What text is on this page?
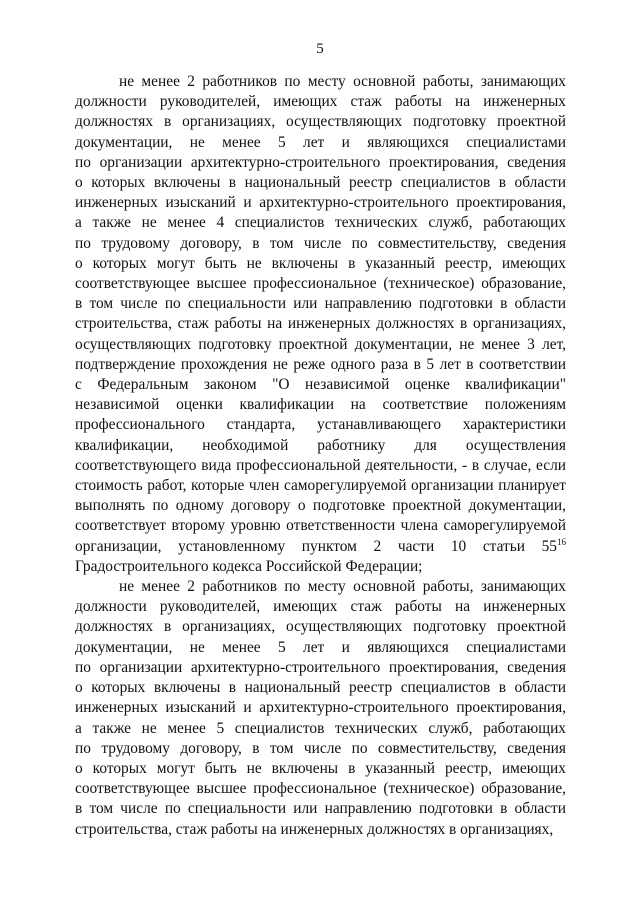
5

не менее 2 работников по месту основной работы, занимающих
должности руководителей, имеющих стаж работы на инженерных
должностях в организациях, осуществляющих подготовку проектной
документации, не менее 5 лет и являющихся специалистами
по организации архитектурно-строительного проектирования, сведения
о которых включены в национальный реестр специалистов в области
инженерных изысканий и архитектурно-строительного проектирования,
а также не менее 4 специалистов технических служб, работающих
по трудовому договору, в том числе по совместительству, сведения
о которых могут быть не включены в указанный реестр, имеющих
соответствующее высшее профессиональное (техническое) образование,
в том числе по специальности или направлению подготовки в области
строительства, стаж работы на инженерных должностях в организациях,
осуществляющих подготовку проектной документации, не менее 3 лет,
подтверждение прохождения не реже одного раза в 5 лет в соответствии
с Федеральным законом "О независимой оценке квалификации"
независимой оценки квалификации на соответствие положениям
профессионального стандарта, устанавливающего характеристики
квалификации, необходимой работнику для осуществления
соответствующего вида профессиональной деятельности, - в случае, если
стоимость работ, которые член саморегулируемой организации планирует
выполнять по одному договору о подготовке проектной документации,
соответствует второму уровню ответственности члена саморегулируемой
организации, установленному пунктом 2 части 10 статьи $55^{16}$
Градостроительного кодекса Российской Федерации;

не менее 2 работников по месту основной работы, занимающих
должности руководителей, имеющих стаж работы на инженерных
должностях в организациях, осуществляющих подготовку проектной
документации, не менее 5 лет и являющихся специалистами
по организации архитектурно-строительного проектирования, сведения
о которых включены в национальный реестр специалистов в области
инженерных изысканий и архитектурно-строительного проектирования,
а также не менее 5 специалистов технических служб, работающих
по трудовому договору, в том числе по совместительству, сведения
о которых могут быть не включены в указанный реестр, имеющих
соответствующее высшее профессиональное (техническое) образование,
в том числе по специальности или направлению подготовки в области
строительства, стаж работы на инженерных должностях в организациях,
